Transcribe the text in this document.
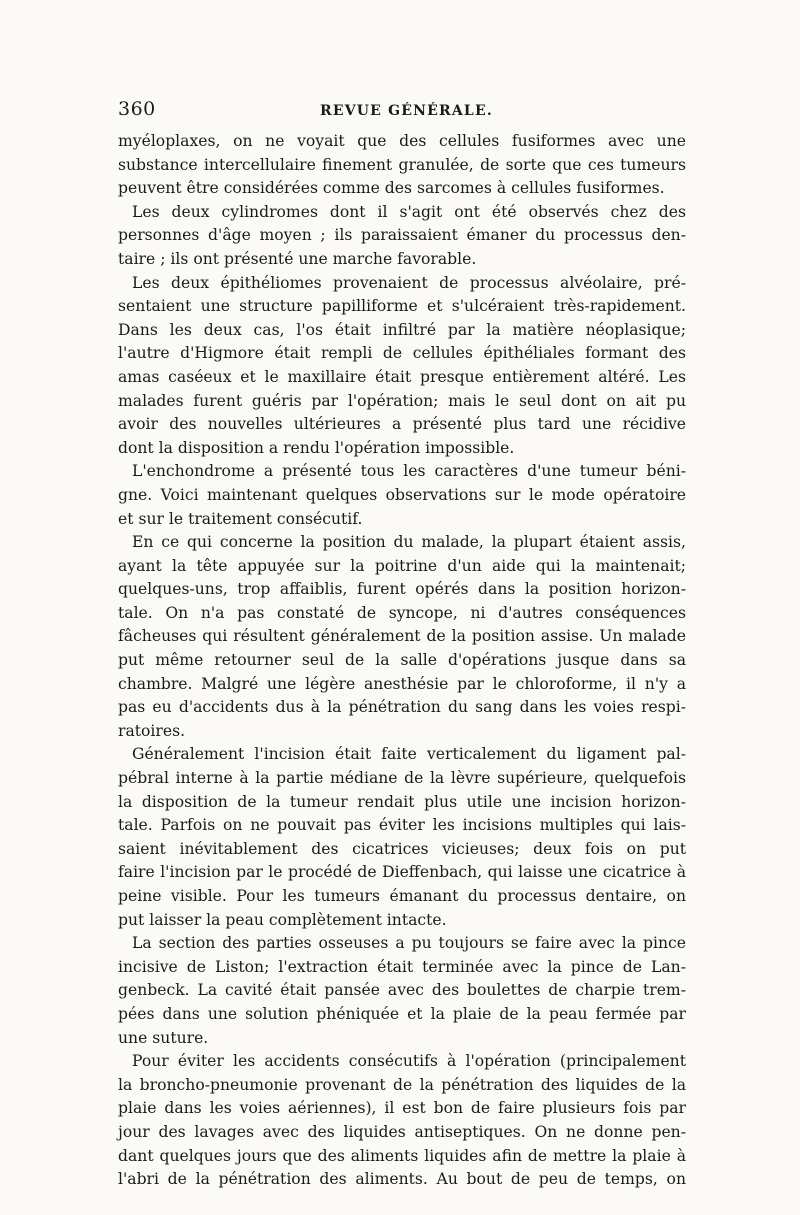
360	REVUE GÉNÉRALE.

myéloplaxes, on ne voyait que des cellules fusiformes avec une
substance intercellulaire finement granulée, de sorte que ces tumeurs
peuvent être considérées comme des sarcomes à cellules fusiformes.

Les deux cylindromes dont il s'agit ont été observés chez des
personnes d'âge moyen ; ils paraissaient émaner du processus den-
taire ; ils ont présenté une marche favorable.

Les deux épithéliomes provenaient de processus alvéolaire, pré-
sentaient une structure papilliforme et s'ulcéraient très-rapidement.
Dans les deux cas, l'os était infiltré par la matière néoplasique;
l'autre d'Higmore était rempli de cellules épithéliales formant des
amas caséeux et le maxillaire était presque entièrement altéré. Les
malades furent guéris par l'opération; mais le seul dont on ait pu
avoir des nouvelles ultérieures a présenté plus tard une récidive
dont la disposition a rendu l'opération impossible.

L'enchondrome a présenté tous les caractères d'une tumeur béni-
gne. Voici maintenant quelques observations sur le mode opératoire
et sur le traitement consécutif.

En ce qui concerne la position du malade, la plupart étaient assis,
ayant la tête appuyée sur la poitrine d'un aide qui la maintenait;
quelques-uns, trop affaiblis, furent opérés dans la position horizon-
tale. On n'a pas constaté de syncope, ni d'autres conséquences
fâcheuses qui résultent généralement de la position assise. Un malade
put même retourner seul de la salle d'opérations jusque dans sa
chambre. Malgré une légère anesthésie par le chloroforme, il n'y a
pas eu d'accidents dus à la pénétration du sang dans les voies respi-
ratoires.

Généralement l'incision était faite verticalement du ligament pal-
pébral interne à la partie médiane de la lèvre supérieure, quelquefois
la disposition de la tumeur rendait plus utile une incision horizon-
tale. Parfois on ne pouvait pas éviter les incisions multiples qui lais-
saient inévitablement des cicatrices vicieuses; deux fois on put
faire l'incision par le procédé de Dieffenbach, qui laisse une cicatrice à
peine visible. Pour les tumeurs émanant du processus dentaire, on
put laisser la peau complètement intacte.

La section des parties osseuses a pu toujours se faire avec la pince
incisive de Liston; l'extraction était terminée avec la pince de Lan-
genbeck. La cavité était pansée avec des boulettes de charpie trem-
pées dans une solution phéniquée et la plaie de la peau fermée par
une suture.

Pour éviter les accidents consécutifs à l'opération (principalement
la broncho-pneumonie provenant de la pénétration des liquides de la
plaie dans les voies aériennes), il est bon de faire plusieurs fois par
jour des lavages avec des liquides antiseptiques. On ne donne pen-
dant quelques jours que des aliments liquides afin de mettre la plaie à
l'abri de la pénétration des aliments. Au bout de peu de temps, on
